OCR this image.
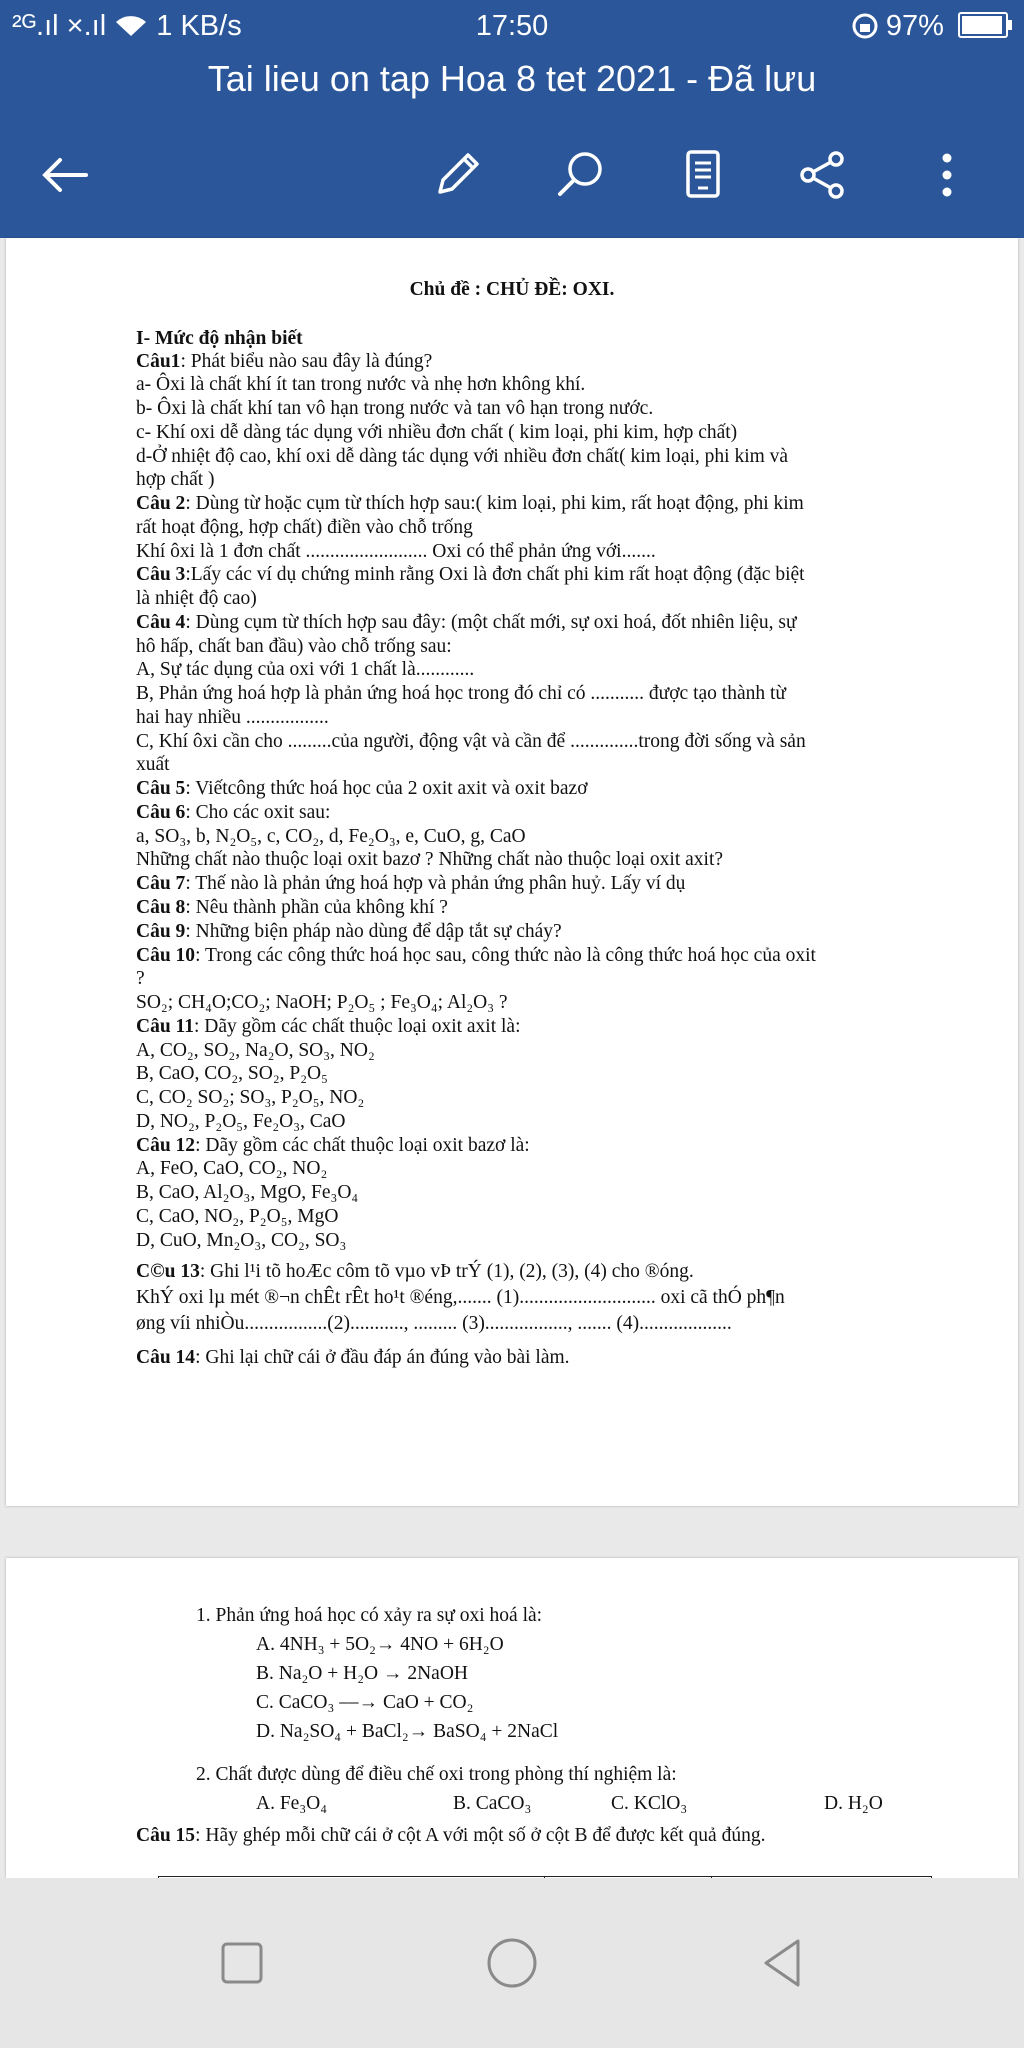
²ᴳ.ıl ×.ıl  1 KB/s	17:50	97%
Tai lieu on tap Hoa 8 tet 2021 - Đã lưu
Chủ đề : CHỦ ĐỀ: OXI.
I- Mức độ nhận biết
Câu1: Phát biểu nào sau đây là đúng?
a- Ôxi là chất khí ít tan trong nước và nhẹ hơn không khí.
b- Ôxi là chất khí tan vô hạn trong nước và tan vô hạn trong nước.
c- Khí oxi dễ dàng tác dụng với nhiều đơn chất ( kim loại, phi kim, hợp chất)
d-Ở nhiệt độ cao, khí oxi dễ dàng tác dụng với nhiều đơn chất( kim loại, phi kim và
hợp chất )
Câu 2: Dùng từ hoặc cụm từ thích hợp sau:( kim loại, phi kim, rất hoạt động, phi kim
rất hoạt động, hợp chất) điền vào chỗ trống
Khí ôxi là 1 đơn chất ......................... Oxi có thể phản ứng với.......
Câu 3:Lấy các ví dụ chứng minh rằng Oxi là đơn chất phi kim rất hoạt động (đặc biệt
là nhiệt độ cao)
Câu 4: Dùng cụm từ thích hợp sau đây: (một chất mới, sự oxi hoá, đốt nhiên liệu, sự
hô hấp, chất ban đầu) vào chỗ trống sau:
A, Sự tác dụng của oxi với 1 chất là............
B, Phản ứng hoá hợp là phản ứng hoá học trong đó chỉ có ........... được tạo thành từ
hai hay nhiều .................
C, Khí ôxi cần cho .........của người, động vật và cần để ..............trong đời sống và sản
xuất
Câu 5: Viếtcông thức hoá học của 2 oxit axit và oxit bazơ
Câu 6: Cho các oxit sau:
a, SO₃, b, N₂O₅, c, CO₂, d, Fe₂O₃, e, CuO, g, CaO
Những chất nào thuộc loại oxit bazơ ? Những chất nào thuộc loại oxit axit?
Câu 7: Thế nào là phản ứng hoá hợp và phản ứng phân huỷ. Lấy ví dụ
Câu 8: Nêu thành phần của không khí ?
Câu 9: Những biện pháp nào dùng để dập tắt sự cháy?
Câu 10: Trong các công thức hoá học sau, công thức nào là công thức hoá học của oxit
?
SO₂; CH₄O;CO₂; NaOH; P₂O₅ ; Fe₃O₄; Al₂O₃ ?
Câu 11: Dãy gồm các chất thuộc loại oxit axit là:
A, CO₂, SO₂, Na₂O, SO₃, NO₂
B, CaO, CO₂, SO₂, P₂O₅
C, CO₂ SO₂; SO₃, P₂O₅, NO₂
D, NO₂, P₂O₅, Fe₂O₃, CaO
Câu 12: Dãy gồm các chất thuộc loại oxit bazơ là:
A, FeO, CaO, CO₂, NO₂
B, CaO, Al₂O₃, MgO, Fe₃O₄
C, CaO, NO₂, P₂O₅, MgO
D, CuO, Mn₂O₃, CO₂, SO₃
C©u 13: Ghi l¹i tõ hoÆc côm tõ vµo vÞ trÝ (1), (2), (3), (4) cho ®óng.
KhÝ oxi lµ mét ®¬n chÊt rÊt ho¹t ®éng,....... (1)............................ oxi cã thÓ ph¶n
øng víi nhiÒu.................(2)..........., ......... (3)................., ....... (4)...................
Câu 14: Ghi lại chữ cái ở đầu đáp án đúng vào bài làm.
1. Phản ứng hoá học có xảy ra sự oxi hoá là:
A. 4NH₃ + 5O₂→ 4NO + 6H₂O
B. Na₂O + H₂O → 2NaOH
C. CaCO₃ ⎯⎯→ CaO + CO₂
D. Na₂SO₄ + BaCl₂→ BaSO₄ + 2NaCl
2. Chất được dùng để điều chế oxi trong phòng thí nghiệm là:
A. Fe₃O₄	B. CaCO₃	C. KClO₃	D. H₂O
Câu 15: Hãy ghép mỗi chữ cái ở cột A với một số ở cột B để được kết quả đúng.
